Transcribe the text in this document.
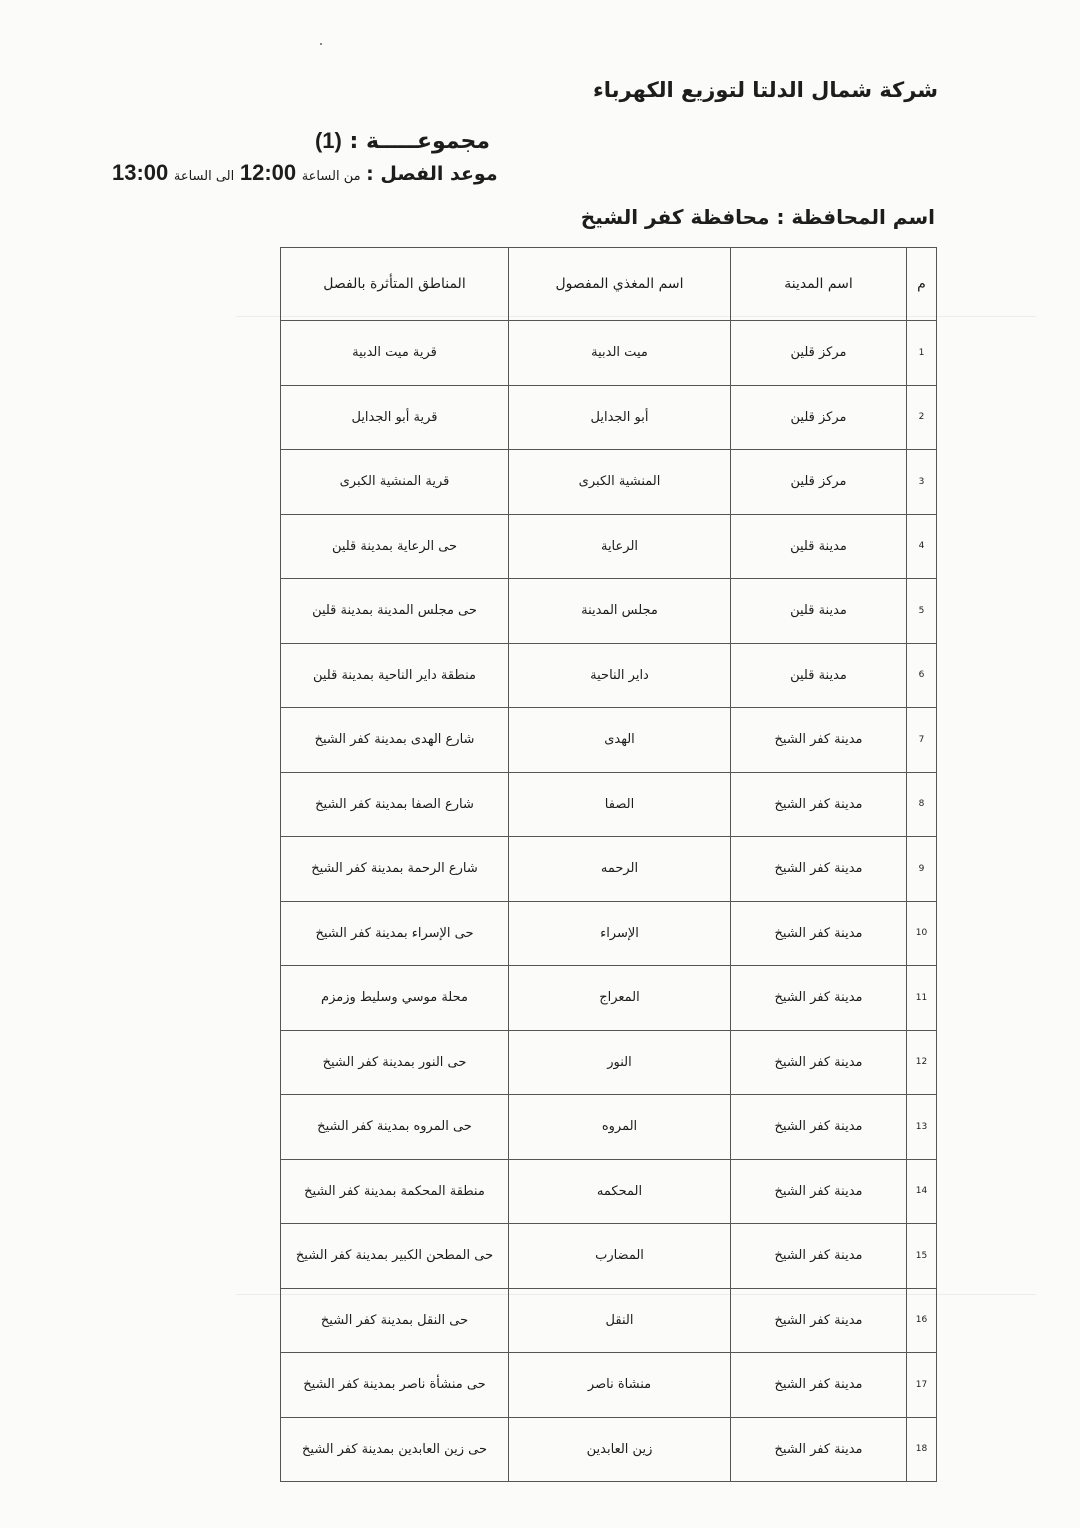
شركة شمال الدلتا لتوزيع الكهرباء
مجموعـــــة : (1)
موعد الفصل : من الساعة 12:00 الى الساعة 13:00
اسم المحافظة : محافظة كفر الشيخ
م	اسم المدينة	اسم المغذي المفصول	المناطق المتأثرة بالفصل
1	مركز قلين	ميت الدبية	قرية ميت الدبية
2	مركز قلين	أبو الجدايل	قرية أبو الجدايل
3	مركز قلين	المنشية الكبرى	قرية المنشية الكبرى
4	مدينة قلين	الرعاية	حى الرعاية بمدينة قلين
5	مدينة قلين	مجلس المدينة	حى مجلس المدينة بمدينة قلين
6	مدينة قلين	داير الناحية	منطقة داير الناحية بمدينة قلين
7	مدينة كفر الشيخ	الهدى	شارع الهدى بمدينة كفر الشيخ
8	مدينة كفر الشيخ	الصفا	شارع الصفا بمدينة كفر الشيخ
9	مدينة كفر الشيخ	الرحمه	شارع الرحمة بمدينة كفر الشيخ
10	مدينة كفر الشيخ	الإسراء	حى الإسراء بمدينة كفر الشيخ
11	مدينة كفر الشيخ	المعراج	محلة موسي وسليط وزمزم
12	مدينة كفر الشيخ	النور	حى النور بمدينة كفر الشيخ
13	مدينة كفر الشيخ	المروه	حى المروه بمدينة كفر الشيخ
14	مدينة كفر الشيخ	المحكمه	منطقة المحكمة بمدينة كفر الشيخ
15	مدينة كفر الشيخ	المضارب	حى المطحن الكبير بمدينة كفر الشيخ
16	مدينة كفر الشيخ	النقل	حى النقل بمدينة كفر الشيخ
17	مدينة كفر الشيخ	منشاة ناصر	حى منشأة ناصر بمدينة كفر الشيخ
18	مدينة كفر الشيخ	زين العابدين	حى زين العابدين بمدينة كفر الشيخ
